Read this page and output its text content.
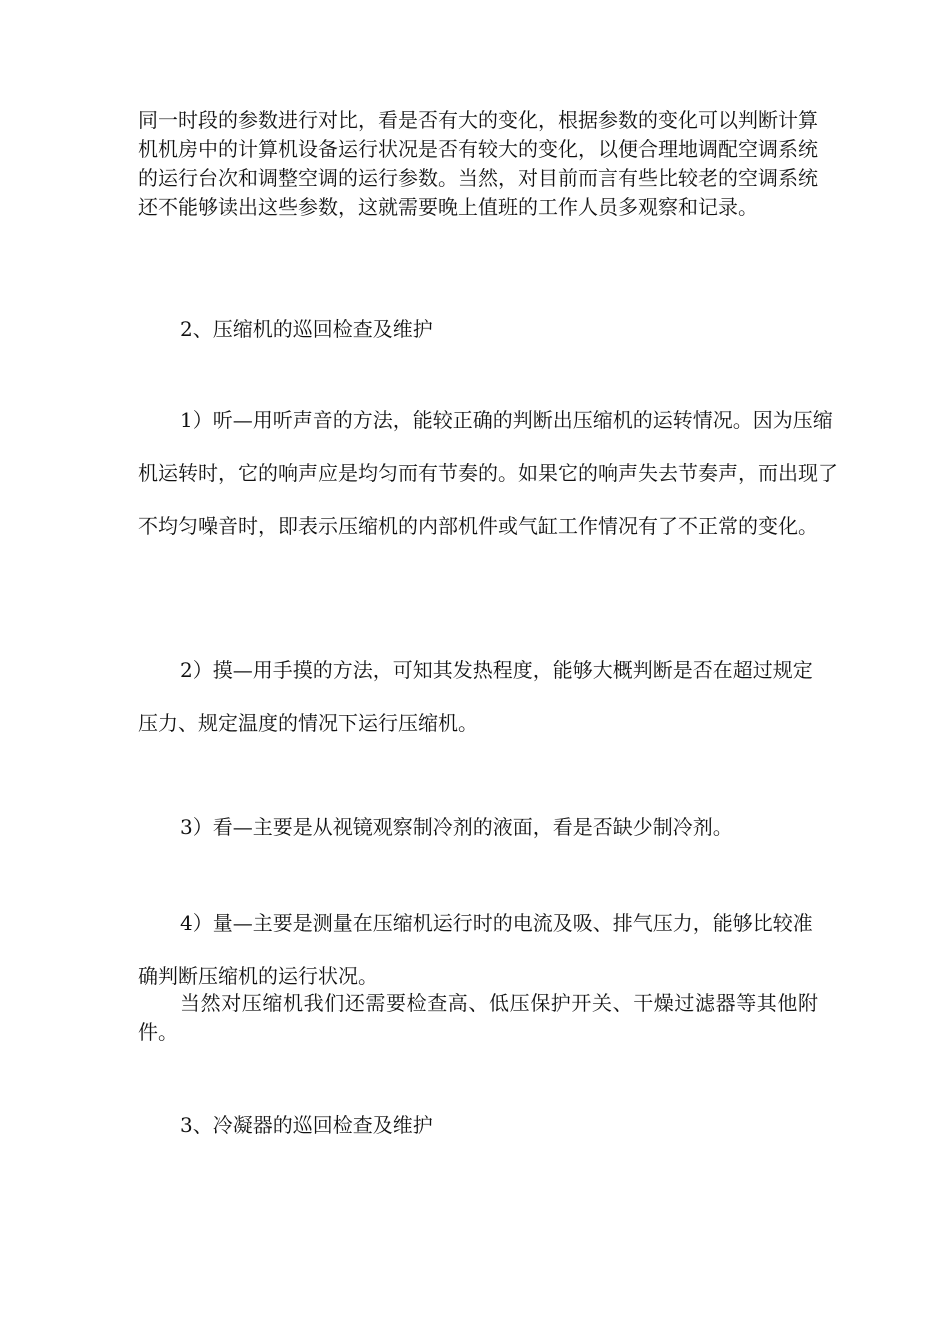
同一时段的参数进行对比，看是否有大的变化，根据参数的变化可以判断计算机机房中的计算机设备运行状况是否有较大的变化，以便合理地调配空调系统的运行台次和调整空调的运行参数。当然，对目前而言有些比较老的空调系统还不能够读出这些参数，这就需要晚上值班的工作人员多观察和记录。

2、压缩机的巡回检查及维护

1）听—用听声音的方法，能较正确的判断出压缩机的运转情况。因为压缩机运转时，它的响声应是均匀而有节奏的。如果它的响声失去节奏声，而出现了不均匀噪音时，即表示压缩机的内部机件或气缸工作情况有了不正常的变化。

2）摸—用手摸的方法，可知其发热程度，能够大概判断是否在超过规定压力、规定温度的情况下运行压缩机。

3）看—主要是从视镜观察制冷剂的液面，看是否缺少制冷剂。

4）量—主要是测量在压缩机运行时的电流及吸、排气压力，能够比较准确判断压缩机的运行状况。

当然对压缩机我们还需要检查高、低压保护开关、干燥过滤器等其他附件。

3、冷凝器的巡回检查及维护
